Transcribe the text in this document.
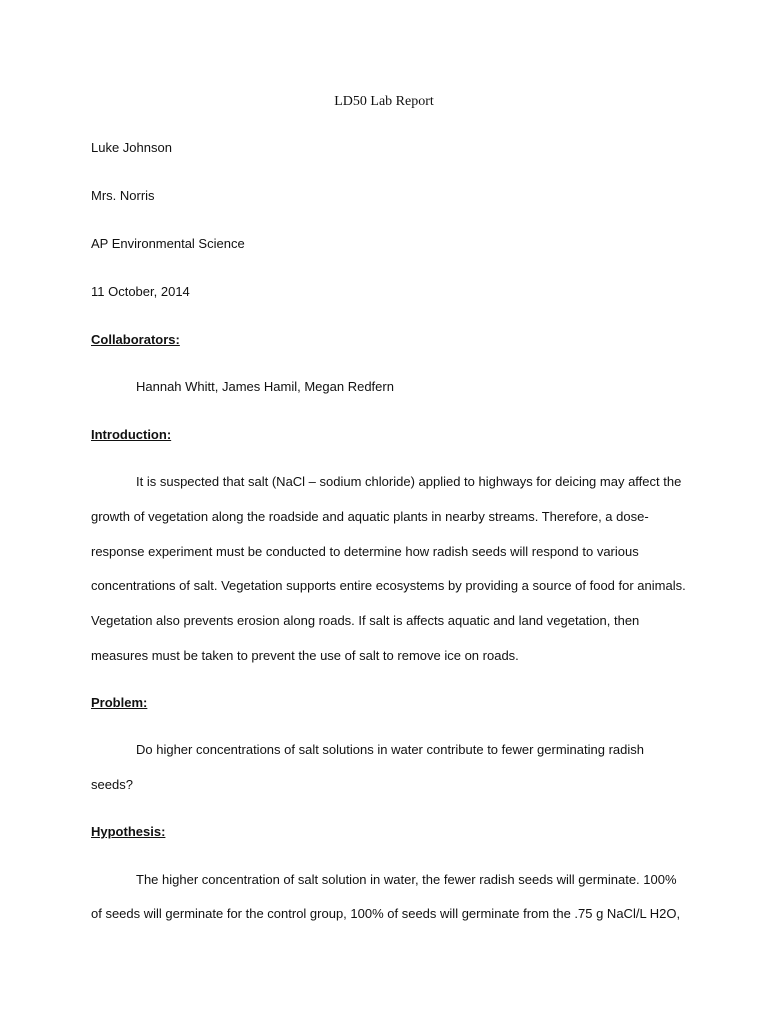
LD50 Lab Report
Luke Johnson
Mrs. Norris
AP Environmental Science
11 October, 2014
Collaborators:
Hannah Whitt, James Hamil, Megan Redfern
Introduction:
It is suspected that salt (NaCl – sodium chloride) applied to highways for deicing may affect the
growth of vegetation along the roadside and aquatic plants in nearby streams. Therefore, a dose-
response experiment must be conducted to determine how radish seeds will respond to various
concentrations of salt. Vegetation supports entire ecosystems by providing a source of food for animals.
Vegetation also prevents erosion along roads. If salt is affects aquatic and land vegetation, then
measures must be taken to prevent the use of salt to remove ice on roads.
Problem:
Do higher concentrations of salt solutions in water contribute to fewer germinating radish
seeds?
Hypothesis:
The higher concentration of salt solution in water, the fewer radish seeds will germinate. 100%
of seeds will germinate for the control group, 100% of seeds will germinate from the .75 g NaCl/L H2O,
